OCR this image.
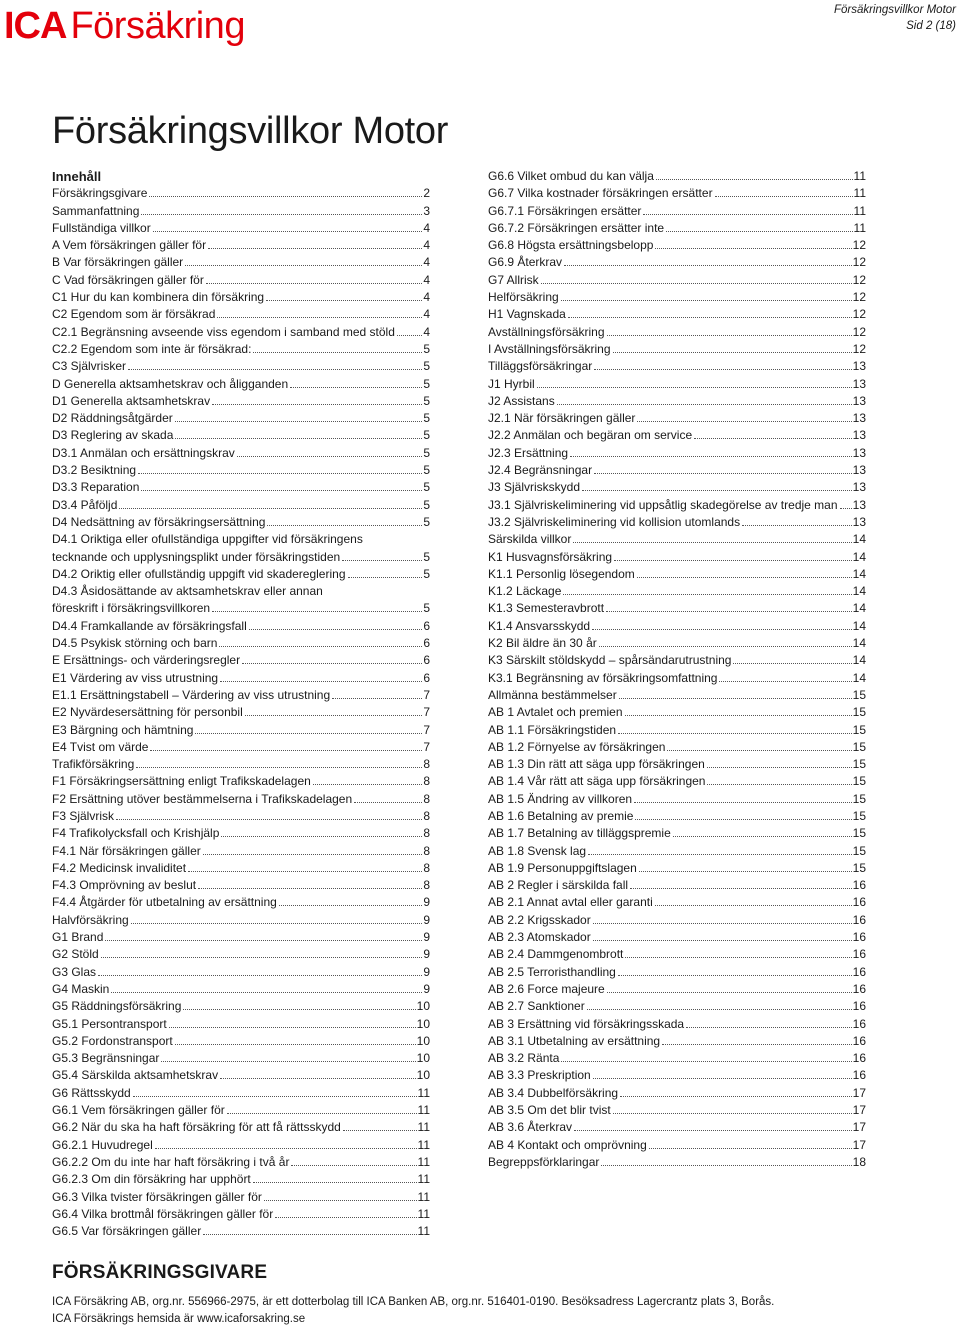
ICA Försäkring	Försäkringsvillkor Motor
Sid 2 (18)
Försäkringsvillkor Motor
Innehåll
Försäkringsgivare	2
Sammanfattning	3
Fullständiga villkor	4
A Vem försäkringen gäller för	4
B Var försäkringen gäller	4
C Vad försäkringen gäller för	4
C1 Hur du kan kombinera din försäkring	4
C2 Egendom som är försäkrad	4
C2.1 Begränsning avseende viss egendom i samband med stöld 4
C2.2 Egendom som inte är försäkrad:	5
C3 Självrisker	5
D Generella aktsamhetskrav och åligganden	5
D1 Generella aktsamhetskrav	5
D2 Räddningsåtgärder	5
D3 Reglering av skada	5
D3.1 Anmälan och ersättningskrav	5
D3.2 Besiktning	5
D3.3 Reparation	5
D3.4 Påföljd	5
D4 Nedsättning av försäkringsersättning	5
D4.1 Oriktiga eller ofullständiga uppgifter vid försäkringens
tecknande och upplysningsplikt under försäkringstiden	5
D4.2 Oriktig eller ofullständig uppgift vid skadereglering	5
D4.3 Åsidosättande av aktsamhetskrav eller annan
föreskrift i försäkringsvillkoren	5
D4.4 Framkallande av försäkringsfall	6
D4.5 Psykisk störning och barn	6
E Ersättnings- och värderingsregler	6
E1 Värdering av viss utrustning	6
E1.1 Ersättningstabell – Värdering av viss utrustning	7
E2 Nyvärdesersättning för personbil	7
E3 Bärgning och hämtning	7
E4 Tvist om värde	7
Trafikförsäkring	8
F1 Försäkringsersättning enligt Trafikskadelagen	8
F2 Ersättning utöver bestämmelserna i Trafikskadelagen	8
F3 Självrisk	8
F4 Trafikolycksfall och Krishjälp	8
F4.1 När försäkringen gäller	8
F4.2 Medicinsk invaliditet	8
F4.3 Omprövning av beslut	8
F4.4 Åtgärder för utbetalning av ersättning	9
Halvförsäkring	9
G1 Brand	9
G2 Stöld	9
G3 Glas	9
G4 Maskin	9
G5 Räddningsförsäkring	10
G5.1 Persontransport	10
G5.2 Fordonstransport	10
G5.3 Begränsningar	10
G5.4 Särskilda aktsamhetskrav	10
G6 Rättsskydd	11
G6.1 Vem försäkringen gäller för	11
G6.2 När du ska ha haft försäkring för att få rättsskydd	11
G6.2.1 Huvudregel	11
G6.2.2 Om du inte har haft försäkring i två år	11
G6.2.3 Om din försäkring har upphört	11
G6.3 Vilka tvister försäkringen gäller för	11
G6.4 Vilka brottmål försäkringen gäller för	11
G6.5 Var försäkringen gäller	11
G6.6 Vilket ombud du kan välja	11
G6.7 Vilka kostnader försäkringen ersätter	11
G6.7.1 Försäkringen ersätter	11
G6.7.2 Försäkringen ersätter inte	11
G6.8 Högsta ersättningsbelopp	12
G6.9 Återkrav	12
G7 Allrisk	12
Helförsäkring	12
H1 Vagnskada	12
Avställningsförsäkring	12
I Avställningsförsäkring	12
Tilläggsförsäkringar	13
J1 Hyrbil	13
J2 Assistans	13
J2.1 När försäkringen gäller	13
J2.2 Anmälan och begäran om service	13
J2.3 Ersättning	13
J2.4 Begränsningar	13
J3 Självriskskydd	13
J3.1 Självriskeliminering vid uppsåtlig skadegörelse av tredje man 13
J3.2 Självriskeliminering vid kollision utomlands	13
Särskilda villkor	14
K1 Husvagnsförsäkring	14
K1.1 Personlig lösegendom	14
K1.2 Läckage	14
K1.3 Semesteravbrott	14
K1.4 Ansvarsskydd	14
K2 Bil äldre än 30 år	14
K3 Särskilt stöldskydd – spårsändarutrustning	14
K3.1 Begränsning av försäkringsomfattning	14
Allmänna bestämmelser	15
AB 1 Avtalet och premien	15
AB 1.1 Försäkringstiden	15
AB 1.2 Förnyelse av försäkringen	15
AB 1.3 Din rätt att säga upp försäkringen	15
AB 1.4 Vår rätt att säga upp försäkringen	15
AB 1.5 Ändring av villkoren	15
AB 1.6 Betalning av premie	15
AB 1.7 Betalning av tilläggspremie	15
AB 1.8 Svensk lag	15
AB 1.9 Personuppgiftslagen	15
AB 2 Regler i särskilda fall	16
AB 2.1 Annat avtal eller garanti	16
AB 2.2 Krigsskador	16
AB 2.3 Atomskador	16
AB 2.4 Dammgenombrott	16
AB 2.5 Terroristhandling	16
AB 2.6 Force majeure	16
AB 2.7 Sanktioner	16
AB 3 Ersättning vid försäkringsskada	16
AB 3.1 Utbetalning av ersättning	16
AB 3.2 Ränta	16
AB 3.3 Preskription	16
AB 3.4 Dubbelförsäkring	17
AB 3.5 Om det blir tvist	17
AB 3.6 Återkrav	17
AB 4 Kontakt och omprövning	17
Begreppsförklaringar	18
FÖRSÄKRINGSGIVARE
ICA Försäkring AB, org.nr. 556966-2975, är ett dotterbolag till ICA Banken AB, org.nr. 516401-0190. Besöksadress Lagercrantz plats 3, Borås.
ICA Försäkrings hemsida är www.icaforsakring.se
